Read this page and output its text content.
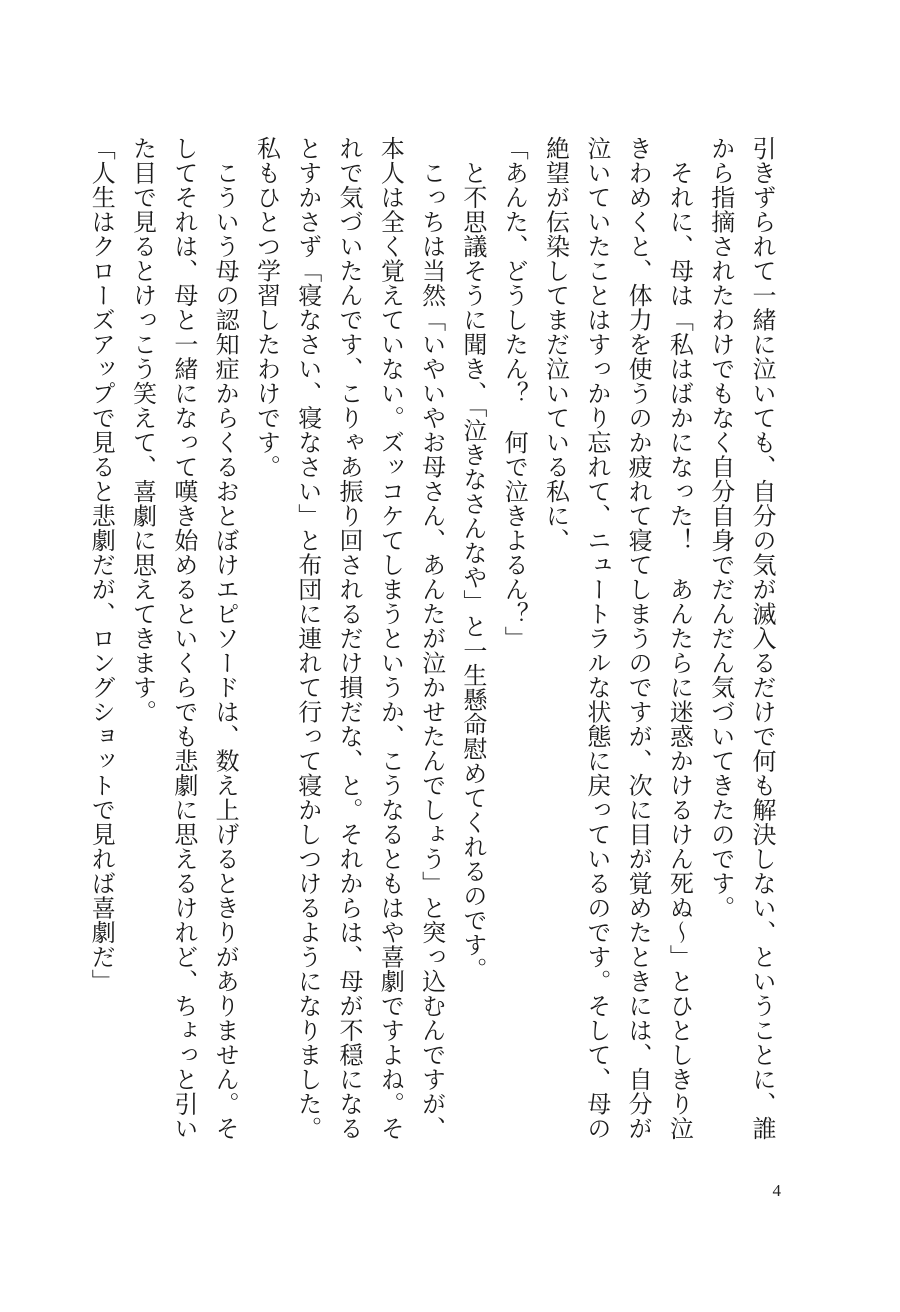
引きずられて一緒に泣いても、自分の気が滅入るだけで何も解決しない、ということに、誰
から指摘されたわけでもなく自分自身でだんだん気づいてきたのです。
　それに、母は「私はばかになった！　あんたらに迷惑かけるけん死ぬ〜」とひとしきり泣
きわめくと、体力を使うのか疲れて寝てしまうのですが、次に目が覚めたときには、自分が
泣いていたことはすっかり忘れて、ニュートラルな状態に戻っているのです。そして、母の
絶望が伝染してまだ泣いている私に、
「あんた、どうしたん？　何で泣きよるん？」
　と不思議そうに聞き、「泣きなさんなや」と一生懸命慰めてくれるのです。
　こっちは当然「いやいやお母さん、あんたが泣かせたんでしょう」と突っ込むんですが、
本人は全く覚えていない。ズッコケてしまうというか、こうなるともはや喜劇ですよね。そ
れで気づいたんです、こりゃあ振り回されるだけ損だな、と。それからは、母が不穏になる
とすかさず「寝なさい、寝なさい」と布団に連れて行って寝かしつけるようになりました。
私もひとつ学習したわけです。
　こういう母の認知症からくるおとぼけエピソードは、数え上げるときりがありません。そ
してそれは、母と一緒になって嘆き始めるといくらでも悲劇に思えるけれど、ちょっと引い
た目で見るとけっこう笑えて、喜劇に思えてきます。
「人生はクローズアップで見ると悲劇だが、ロングショットで見れば喜劇だ」
4
